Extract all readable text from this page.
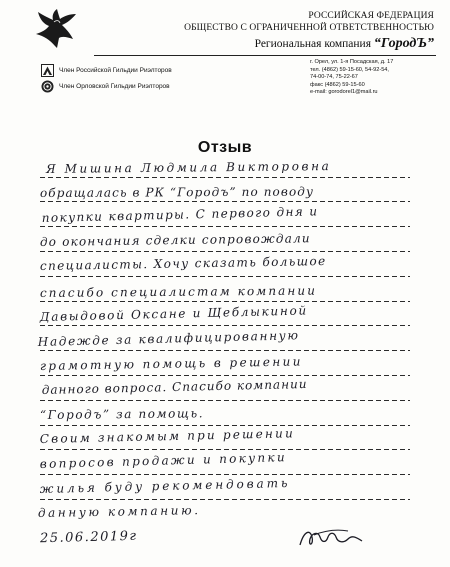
РОССИЙСКАЯ ФЕДЕРАЦИЯ
ОБЩЕСТВО С ОГРАНИЧЕННОЙ ОТВЕТСТВЕННОСТЬЮ
Региональная компания “ГородЪ”
Член Российской Гильдии Риэлторов
Член Орловской Гильдии Риэлторов
г. Орел, ул. 1-я Посадская, д. 17
тел. (4862) 59-15-60, 54-92-54,
74-00-74, 75-22-67
факс (4862) 59-15-60
e-mail: gorodorel1@mail.ru
Отзыв
Я Мишина Людмила Викторовна
обращалась в РК “Городъ” по поводу
покупки квартиры. С первого дня и
до окончания сделки сопровождали
специалисты. Хочу сказать большое
спасибо специалистам компании
Давыдовой Оксане и Щеблыкиной
Надежде за квалифицированную
грамотную помощь в решении
данного вопроса. Спасибо компании
“Городъ” за помощь.
Своим знакомым при решении
вопросов продажи и покупки
жилья буду рекомендовать
данную компанию.
25.06.2019г
